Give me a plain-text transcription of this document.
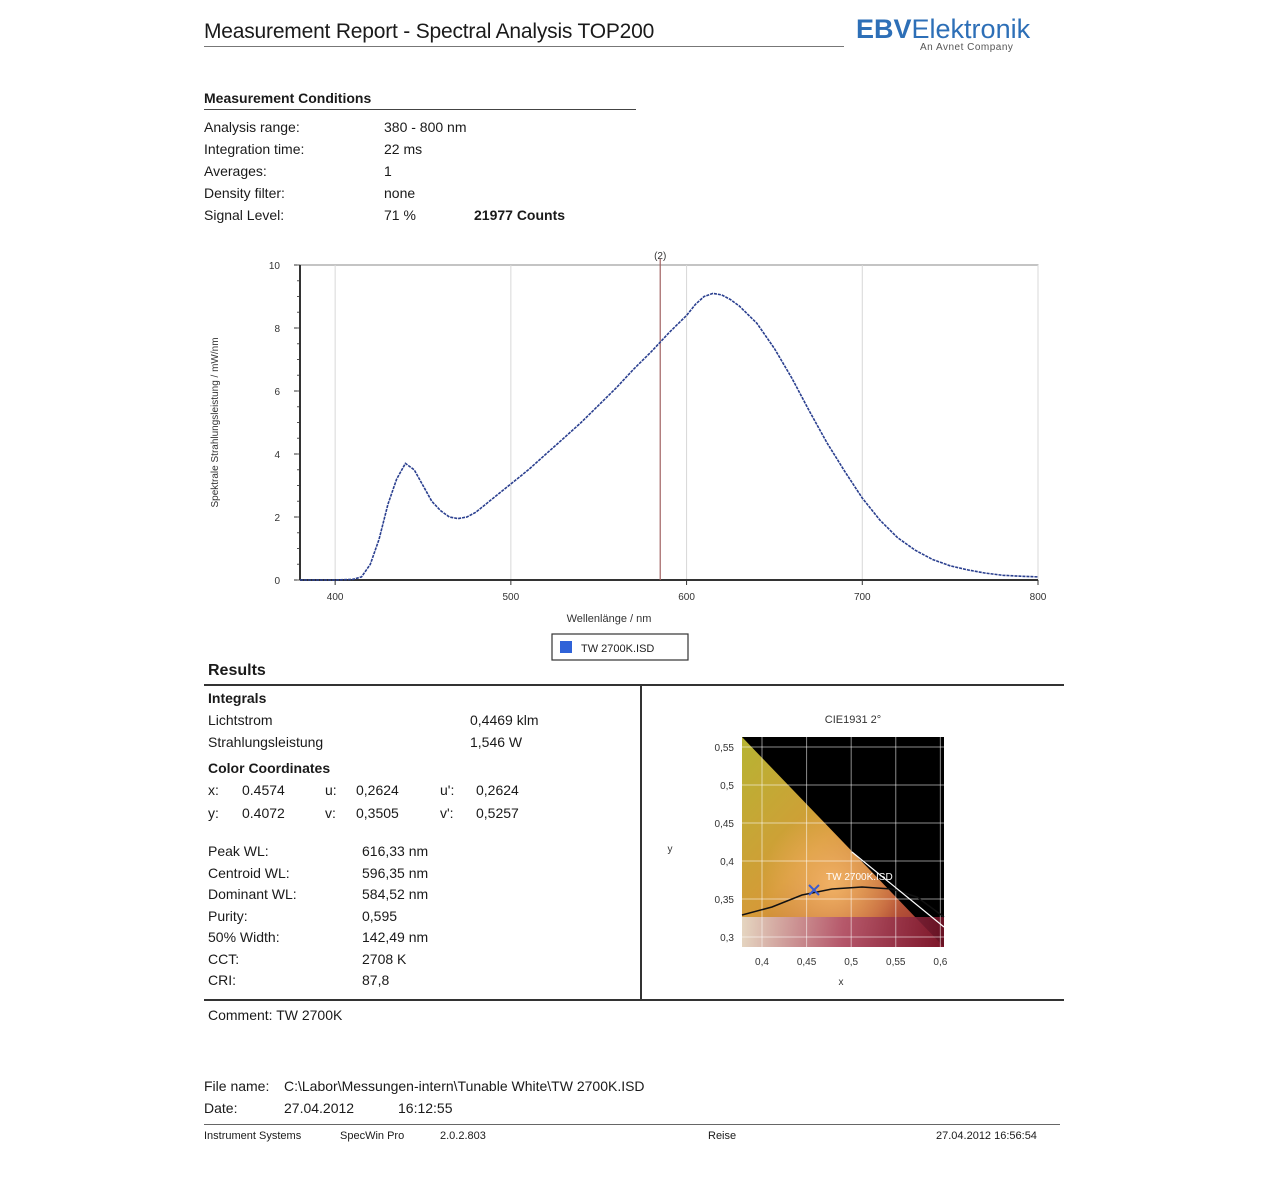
Measurement Report - Spectral Analysis TOP200	EBVElektronik
An Avnet Company
Measurement Conditions
Analysis range:	380 - 800 nm
Integration time:	22 ms
Averages:	1
Density filter:	none
Signal Level:	71 %	21977 Counts
400	500	600	700	800
0
2
4
6
8
10
(2)
Wellenlänge / nm
Spektrale Strahlungsleistung / mW/nm
TW 2700K.ISD
Results
Integrals
Lichtstrom	0,4469 klm
Strahlungsleistung	1,546 W
Color Coordinates
x: 0.4574	u: 0,2624	u': 0,2624
y: 0.4072	v: 0,3505	v': 0,5257
Peak WL:	616,33 nm
Centroid WL:	596,35 nm
Dominant WL:	584,52 nm
Purity:	0,595
50% Width:	142,49 nm
CCT:	2708 K
CRI:	87,8
CIE1931 2°
0,4	0,45	0,5	0,55	0,6
0,3
0,35
0,4
0,45
0,5
0,55
TW 2700K.ISD
x
y
Comment: TW 2700K
File name: C:\Labor\Messungen-intern\Tunable White\TW 2700K.ISD
Date:	27.04.2012	16:12:55
Instrument Systems	SpecWin Pro	2.0.2.803	Reise	27.04.2012 16:56:54
